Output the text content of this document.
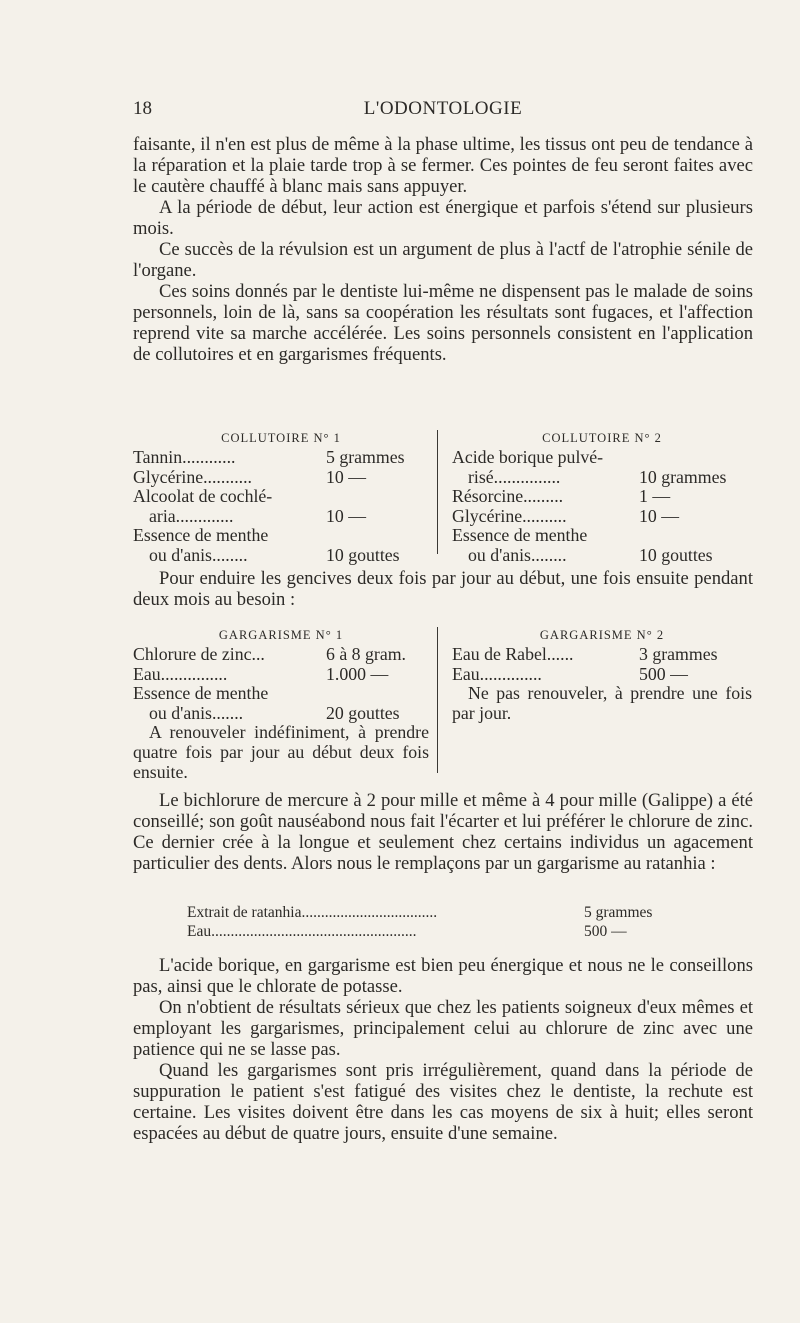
18	L'ODONTOLOGIE

faisante, il n'en est plus de même à la phase ultime, les tissus ont peu de tendance à la réparation et la plaie tarde trop à se fermer. Ces pointes de feu seront faites avec le cautère chauffé à blanc mais sans appuyer.

A la période de début, leur action est énergique et parfois s'étend sur plusieurs mois.

Ce succès de la révulsion est un argument de plus à l'actf de l'atrophie sénile de l'organe.

Ces soins donnés par le dentiste lui-même ne dispensent pas le malade de soins personnels, loin de là, sans sa coopération les résultats sont fugaces, et l'affection reprend vite sa marche accélérée. Les soins personnels consistent en l'application de collutoires et en gargarismes fréquents.

COLLUTOIRE N° 1
Tannin............	5 grammes
Glycérine...........	10 —
Alcoolat de cochlé-
aria.............	10 —
Essence de menthe
ou d'anis........	10 gouttes
COLLUTOIRE N° 2
Acide borique pulvé-
risé...............	10 grammes
Résorcine.........	1 —
Glycérine..........	10 —
Essence de menthe
ou d'anis........	10 gouttes

Pour enduire les gencives deux fois par jour au début, une fois ensuite pendant deux mois au besoin :

GARGARISME N° 1
Chlorure de zinc...	6 à 8 gram.
Eau...............	1.000 —
Essence de menthe
ou d'anis.......	20 gouttes
A renouveler indéfiniment, à prendre quatre fois par jour au début deux fois ensuite.
GARGARISME N° 2
Eau de Rabel......	3 grammes
Eau..............	500 —
Ne pas renouveler, à prendre une fois par jour.

Le bichlorure de mercure à 2 pour mille et même à 4 pour mille (Galippe) a été conseillé; son goût nauséabond nous fait l'écarter et lui préférer le chlorure de zinc. Ce dernier crée à la longue et seulement chez certains individus un agacement particulier des dents. Alors nous le remplaçons par un gargarisme au ratanhia :

Extrait de ratanhia...................................	5 grammes
Eau.....................................................	500 —

L'acide borique, en gargarisme est bien peu énergique et nous ne le conseillons pas, ainsi que le chlorate de potasse.

On n'obtient de résultats sérieux que chez les patients soigneux d'eux mêmes et employant les gargarismes, principalement celui au chlorure de zinc avec une patience qui ne se lasse pas.

Quand les gargarismes sont pris irrégulièrement, quand dans la période de suppuration le patient s'est fatigué des visites chez le dentiste, la rechute est certaine. Les visites doivent être dans les cas moyens de six à huit; elles seront espacées au début de quatre jours, ensuite d'une semaine.
